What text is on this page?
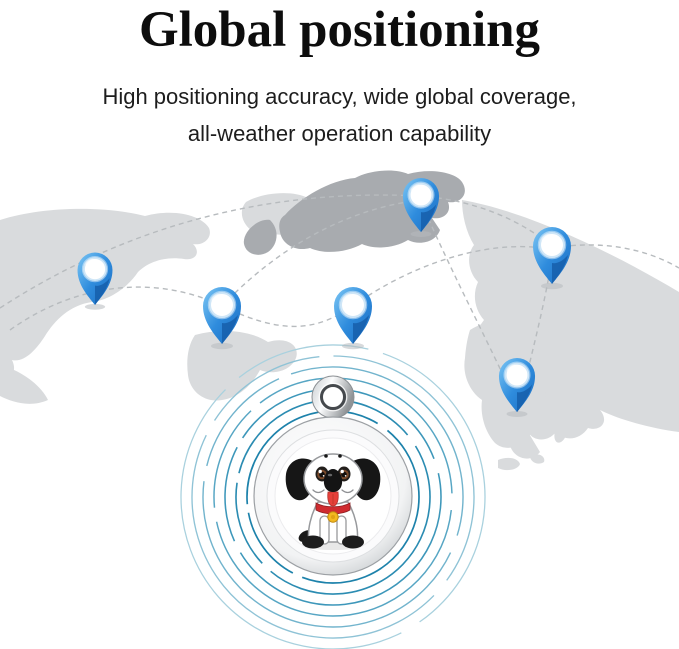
Global positioning

High positioning accuracy, wide global coverage,

all-weather operation capability
